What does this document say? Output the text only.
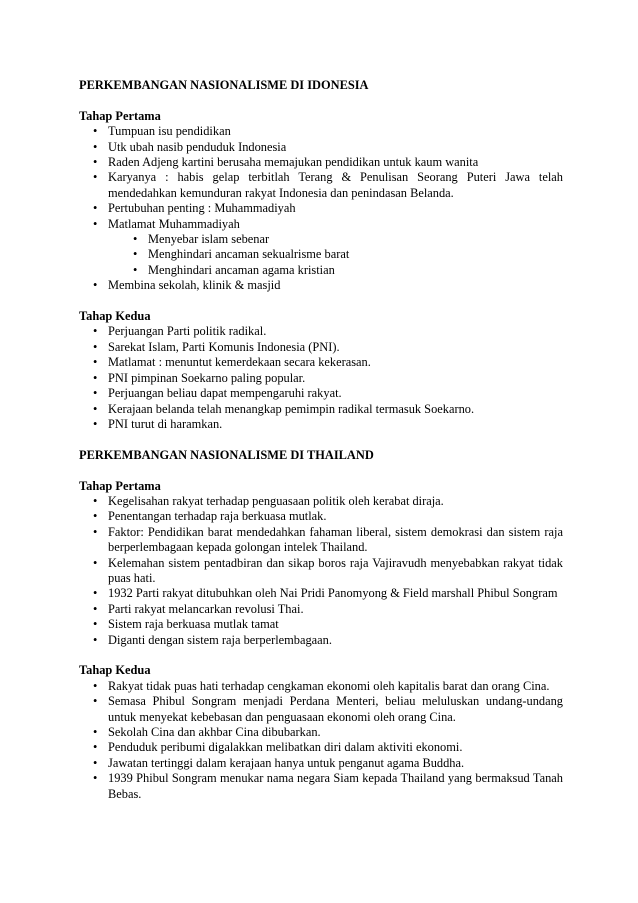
PERKEMBANGAN NASIONALISME DI IDONESIA

Tahap Pertama

• Tumpuan isu pendidikan
• Utk ubah nasib penduduk Indonesia
• Raden Adjeng kartini berusaha memajukan pendidikan untuk kaum wanita
• Karyanya : habis gelap terbitlah Terang & Penulisan Seorang Puteri Jawa telah mendedahkan kemunduran rakyat Indonesia dan penindasan Belanda.
• Pertubuhan penting : Muhammadiyah
• Matlamat Muhammadiyah
• Menyebar islam sebenar
• Menghindari ancaman sekualrisme barat
• Menghindari ancaman agama kristian
• Membina sekolah, klinik & masjid

Tahap Kedua

• Perjuangan Parti politik radikal.
• Sarekat Islam, Parti Komunis Indonesia (PNI).
• Matlamat : menuntut kemerdekaan secara kekerasan.
• PNI pimpinan Soekarno paling popular.
• Perjuangan beliau dapat mempengaruhi rakyat.
• Kerajaan belanda telah menangkap pemimpin radikal termasuk Soekarno.
• PNI turut di haramkan.

PERKEMBANGAN NASIONALISME DI THAILAND

Tahap Pertama

• Kegelisahan rakyat terhadap penguasaan politik oleh kerabat diraja.
• Penentangan terhadap raja berkuasa mutlak.
• Faktor: Pendidikan barat mendedahkan fahaman liberal, sistem demokrasi dan sistem raja berperlembagaan kepada golongan intelek Thailand.
• Kelemahan sistem pentadbiran dan sikap boros raja Vajiravudh menyebabkan rakyat tidak puas hati.
• 1932 Parti rakyat ditubuhkan oleh Nai Pridi Panomyong & Field marshall Phibul Songram
• Parti rakyat melancarkan revolusi Thai.
• Sistem raja berkuasa mutlak tamat
• Diganti dengan sistem raja berperlembagaan.

Tahap Kedua

• Rakyat tidak puas hati terhadap cengkaman ekonomi oleh kapitalis barat dan orang Cina.
• Semasa Phibul Songram menjadi Perdana Menteri, beliau meluluskan undang-undang untuk menyekat kebebasan dan penguasaan ekonomi oleh orang Cina.
• Sekolah Cina dan akhbar Cina dibubarkan.
• Penduduk peribumi digalakkan melibatkan diri dalam aktiviti ekonomi.
• Jawatan tertinggi dalam kerajaan hanya untuk penganut agama Buddha.
• 1939 Phibul Songram menukar nama negara Siam kepada Thailand yang bermaksud Tanah Bebas.
